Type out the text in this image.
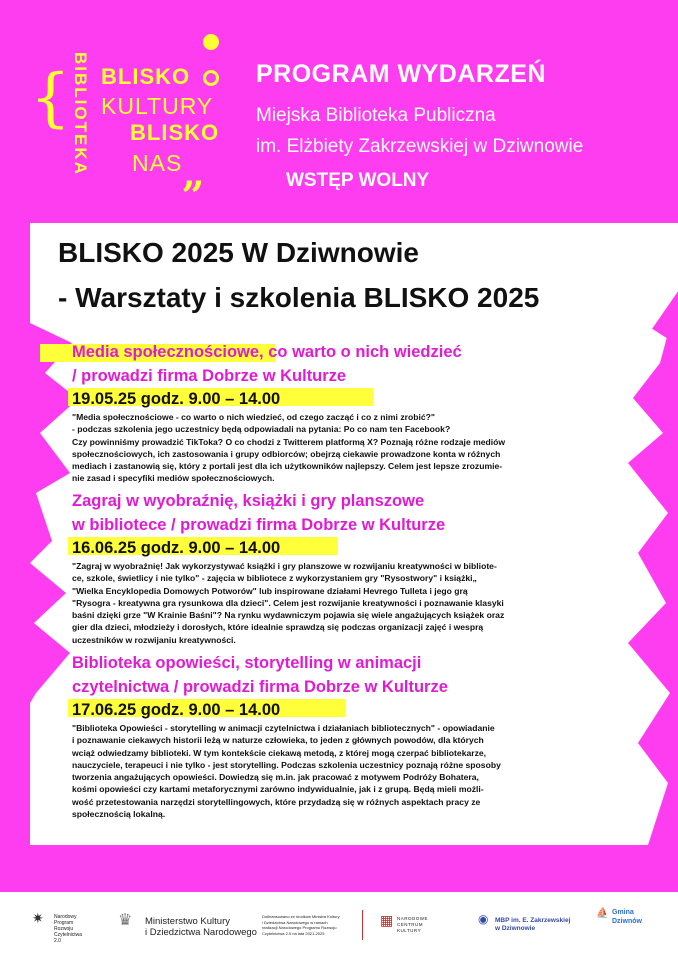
{ BIBLIOTEKA BLISKO
KULTURY
BLISKO
NAS „
PROGRAM WYDARZEŃ
Miejska Biblioteka Publiczna
im. Elżbiety Zakrzewskiej w Dziwnowie
WSTĘP WOLNY
BLISKO 2025 W Dziwnowie
- Warsztaty i szkolenia BLISKO 2025
Media społecznościowe, co warto o nich wiedzieć
/ prowadzi firma Dobrze w Kulturze
19.05.25 godz. 9.00 – 14.00
"Media społecznościowe - co warto o nich wiedzieć, od czego zacząć i co z nimi zrobić?"
- podczas szkolenia jego uczestnicy będą odpowiadali na pytania: Po co nam ten Facebook?
Czy powinniśmy prowadzić TikToka? O co chodzi z Twitterem platformą X? Poznają różne rodzaje mediów
społecznościowych, ich zastosowania i grupy odbiorców; obejrzą ciekawie prowadzone konta w różnych
mediach i zastanowią się, który z portali jest dla ich użytkowników najlepszy. Celem jest lepsze zrozumie-
nie zasad i specyfiki mediów społecznościowych.
Zagraj w wyobraźnię, książki i gry planszowe
w bibliotece / prowadzi firma Dobrze w Kulturze
16.06.25 godz. 9.00 – 14.00
"Zagraj w wyobraźnię! Jak wykorzystywać książki i gry planszowe w rozwijaniu kreatywności w bibliote-
ce, szkole, świetlicy i nie tylko" - zajęcia w bibliotece z wykorzystaniem gry "Rysostwory" i książki„
"Wielka Encyklopedia Domowych Potworów" lub inspirowane działami Hevrego Tulleta i jego grą
"Rysogra - kreatywna gra rysunkowa dla dzieci". Celem jest rozwijanie kreatywności i poznawanie klasyki
baśni dzięki grze "W Krainie Baśni"? Na rynku wydawniczym pojawia się wiele angażujących książek oraz
gier dla dzieci, młodzieży i dorosłych, które idealnie sprawdzą się podczas organizacji zajęć i wesprą
uczestników w rozwijaniu kreatywności.
Biblioteka opowieści, storytelling w animacji
czytelnictwa / prowadzi firma Dobrze w Kulturze
17.06.25 godz. 9.00 – 14.00
"Biblioteka Opowieści - storytelling w animacji czytelnictwa i działaniach bibliotecznych" - opowiadanie
i poznawanie ciekawych historii leżą w naturze człowieka, to jeden z głównych powodów, dla których
wciąż odwiedzamy biblioteki. W tym kontekście ciekawą metodą, z której mogą czerpać bibliotekarze,
nauczyciele, terapeuci i nie tylko - jest storytelling. Podczas szkolenia uczestnicy poznają różne sposoby
tworzenia angażujących opowieści. Dowiedzą się m.in. jak pracować z motywem Podróży Bohatera,
kośmi opowieści czy kartami metaforycznymi zarówno indywidualnie, jak i z grupą. Będą mieli możli-
wość przetestowania narzędzi storytellingowych, które przydadzą się w różnych aspektach pracy ze
społecznością lokalną.
✷ Narodowy
Program
Rozwoju
Czytelnictwa
2.0
♛ Ministerstwo Kultury
i Dziedzictwa Narodowego
Dofinansowano ze środków Ministra Kultury
i Dziedzictwa Narodowego w ramach
realizacji Narodowego Programu Rozwoju
Czytelnictwa 2.0 na lata 2021-2025
▦ NARODOWE
CENTRUM
KULTURY
◉ MBP im. E. Zakrzewskiej
w Dziwnowie
⛵ Gmina
Dziwnów
